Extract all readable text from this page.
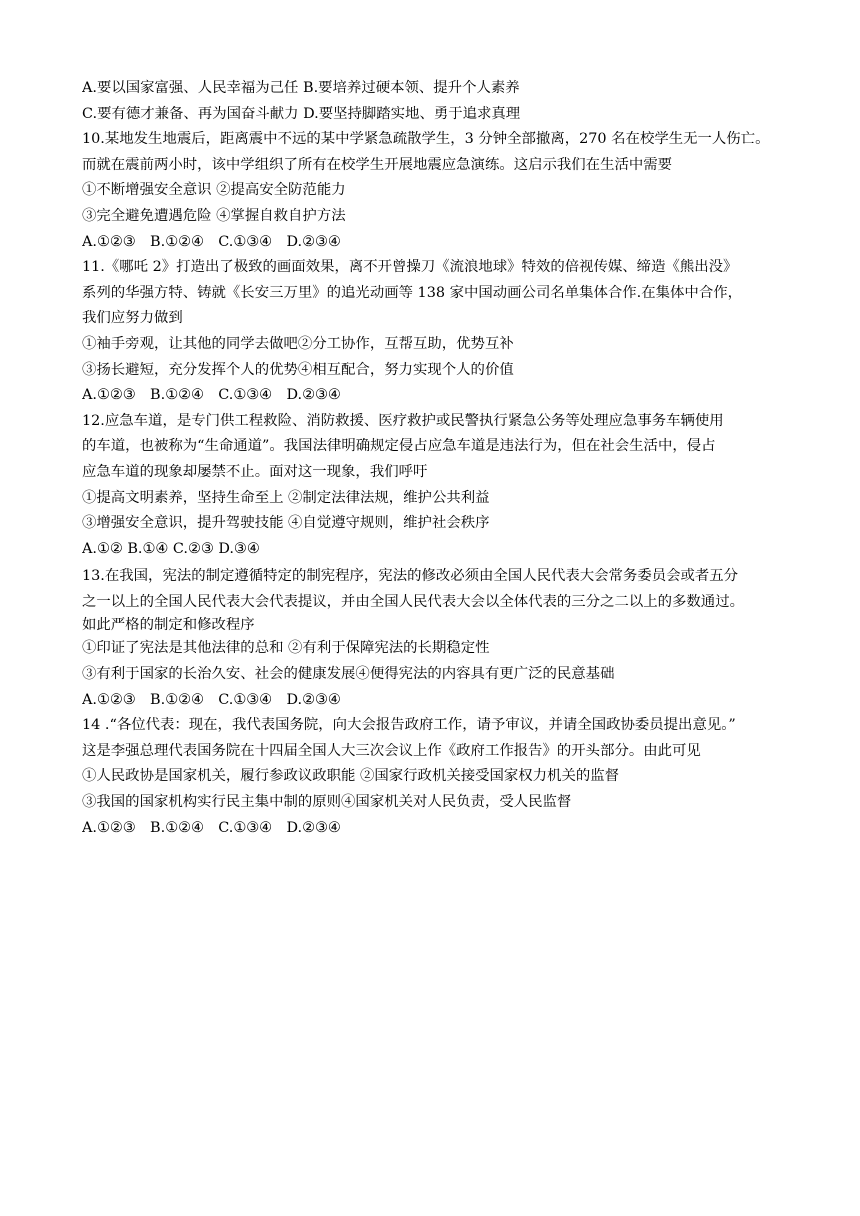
A.要以国家富强、人民幸福为己任 B.要培养过硬本领、提升个人素养
C.要有德才兼备、再为国奋斗献力 D.要坚持脚踏实地、勇于追求真理
10.某地发生地震后，距离震中不远的某中学紧急疏散学生，3 分钟全部撤离，270 名在校学生无一人伤亡。
而就在震前两小时，该中学组织了所有在校学生开展地震应急演练。这启示我们在生活中需要
①不断增强安全意识 ②提高安全防范能力
③完全避免遭遇危险 ④掌握自救自护方法
A.①②③　B.①②④　C.①③④　D.②③④
11.《哪吒 2》打造出了极致的画面效果，离不开曾操刀《流浪地球》特效的倍视传媒、缔造《熊出没》
系列的华强方特、铸就《长安三万里》的追光动画等 138 家中国动画公司名单集体合作.在集体中合作，
我们应努力做到
①袖手旁观，让其他的同学去做吧②分工协作，互帮互助，优势互补
③扬长避短，充分发挥个人的优势④相互配合，努力实现个人的价值
A.①②③　B.①②④　C.①③④　D.②③④
12.应急车道，是专门供工程救险、消防救援、医疗救护或民警执行紧急公务等处理应急事务车辆使用
的车道，也被称为“生命通道”。我国法律明确规定侵占应急车道是违法行为，但在社会生活中，侵占
应急车道的现象却屡禁不止。面对这一现象，我们呼吁
①提高文明素养，坚持生命至上 ②制定法律法规，维护公共利益
③增强安全意识，提升驾驶技能 ④自觉遵守规则，维护社会秩序
A.①② B.①④ C.②③ D.③④
13.在我国，宪法的制定遵循特定的制宪程序，宪法的修改必须由全国人民代表大会常务委员会或者五分
之一以上的全国人民代表大会代表提议，并由全国人民代表大会以全体代表的三分之二以上的多数通过。
如此严格的制定和修改程序
①印证了宪法是其他法律的总和 ②有利于保障宪法的长期稳定性
③有利于国家的长治久安、社会的健康发展④便得宪法的内容具有更广泛的民意基础
A.①②③　B.①②④　C.①③④　D.②③④
14 .“各位代表：现在，我代表国务院，向大会报告政府工作，请予审议，并请全国政协委员提出意见。”
这是李强总理代表国务院在十四届全国人大三次会议上作《政府工作报告》的开头部分。由此可见
①人民政协是国家机关，履行参政议政职能 ②国家行政机关接受国家权力机关的监督
③我国的国家机构实行民主集中制的原则④国家机关对人民负责，受人民监督
A.①②③　B.①②④　C.①③④　D.②③④
